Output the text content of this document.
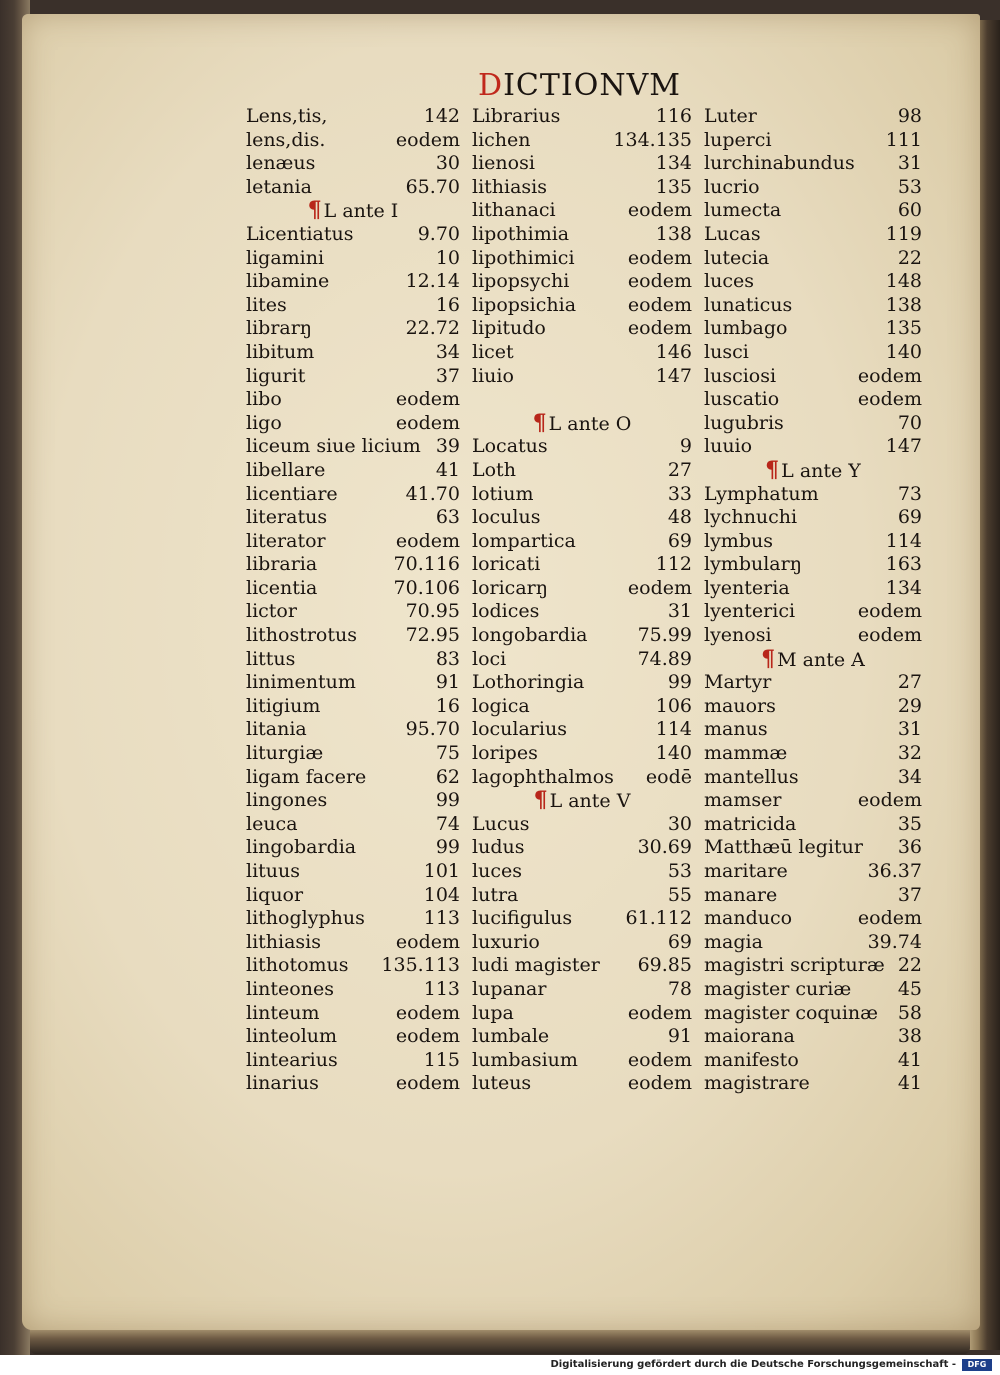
DICTIONVM
Lens,tis,	142
lens,dis.	eodem
lenæus	30
letania	65.70
¶ L ante I
Licentiatus	9.70
ligamini	10
libamine	12.14
lites	16
librarŋ	22.72
libitum	34
ligurit	37
libo	eodem
ligo	eodem
liceum siue licium 39
libellare	41
licentiare	41.70
literatus	63
literator	eodem
libraria	70.116
licentia	70.106
lictor	70.95
lithostrotus	72.95
littus	83
linimentum	91
litigium	16
litania	95.70
liturgiæ	75
ligam facere	62
lingones	99
leuca	74
lingobardia	99
lituus	101
liquor	104
lithoglyphus	113
lithiasis	eodem
lithotomus 135.113
linteones	113
linteum	eodem
linteolum	eodem
lintearius	115
linarius	eodem
Librarius	116
lichen	134.135
lienosi	134
lithiasis	135
lithanaci	eodem
lipothimia	138
lipothimici	eodem
lipopsychi	eodem
lipopsichia	eodem
lipitudo	eodem
licet	146
liuio	147
¶ L ante O
Locatus	9
Loth	27
lotium	33
loculus	48
lompartica	69
loricati	112
loricarŋ	eodem
lodices	31
longobardia	75.99
loci	74.89
Lothoringia	99
logica	106
locularius	114
loripes	140
lagophthalmos eodē
¶ L ante V
Lucus	30
ludus	30.69
luces	53
lutra	55
lucifigulus	61.112
luxurio	69
ludi magister 69.85
lupanar	78
lupa	eodem
lumbale	91
lumbasium	eodem
luteus	eodem
Luter	98
luperci	111
lurchinabundus 31
lucrio	53
lumecta	60
Lucas	119
lutecia	22
luces	148
lunaticus	138
lumbago	135
lusci	140
lusciosi	eodem
luscatio	eodem
lugubris	70
luuio	147
¶ L ante Y
Lymphatum	73
lychnuchi	69
lymbus	114
lymbularŋ	163
lyenteria	134
lyenterici	eodem
lyenosi	eodem
¶ M ante A
Martyr	27
mauors	29
manus	31
mammæ	32
mantellus	34
mamser	eodem
matricida	35
Matthæū legitur 36
maritare	36.37
manare	37
manduco	eodem
magia	39.74
magistri scripturæ 22
magister curiæ 45
magister coquinæ 58
maiorana	38
manifesto	41
magistrare	41
Digitalisierung gefördert durch die Deutsche Forschungsgemeinschaft -	DFG
